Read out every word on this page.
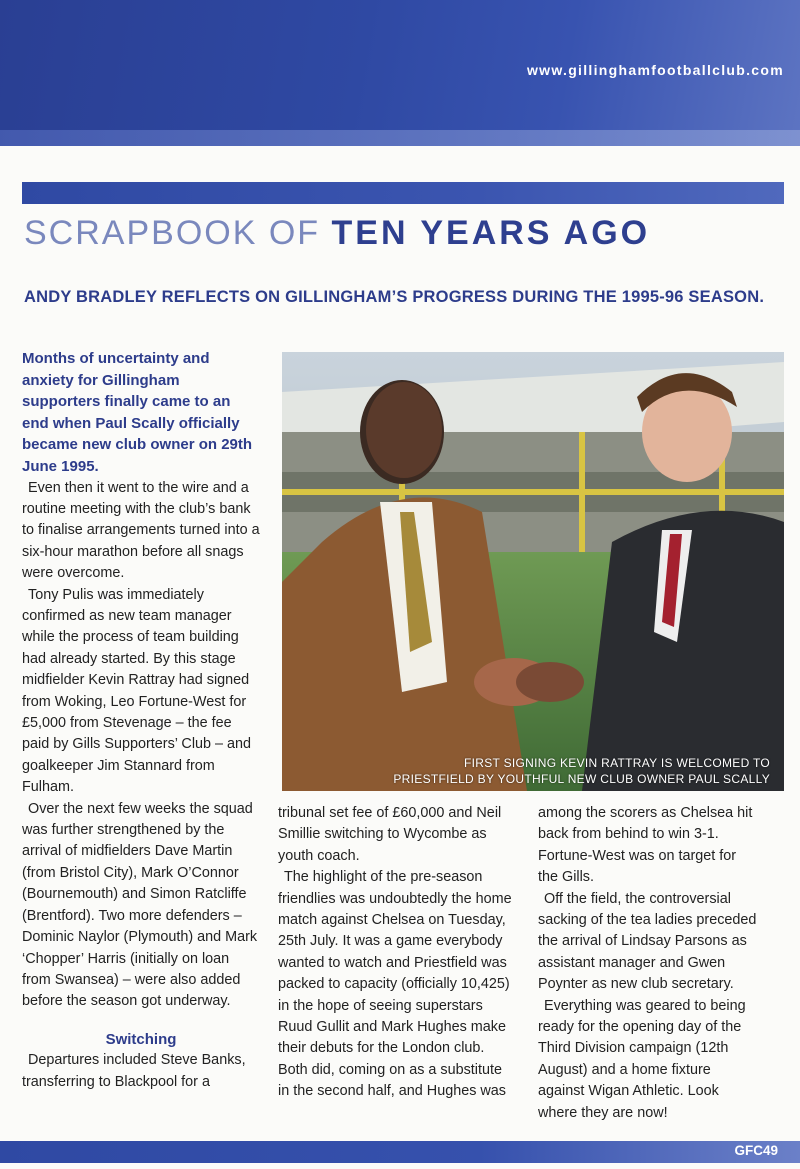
www.gillinghamfootballclub.com
SCRAPBOOK OF TEN YEARS AGO
ANDY BRADLEY REFLECTS ON GILLINGHAM’S PROGRESS DURING THE 1995-96 SEASON.

Months of uncertainty and anxiety for Gillingham supporters finally came to an end when Paul Scally officially became new club owner on 29th June 1995.

Even then it went to the wire and a routine meeting with the club’s bank to finalise arrangements turned into a six-hour marathon before all snags were overcome.

Tony Pulis was immediately confirmed as new team manager while the process of team building had already started. By this stage midfielder Kevin Rattray had signed from Woking, Leo Fortune-West for £5,000 from Stevenage – the fee paid by Gills Supporters’ Club – and goalkeeper Jim Stannard from Fulham.

Over the next few weeks the squad was further strengthened by the arrival of midfielders Dave Martin (from Bristol City), Mark O’Connor (Bournemouth) and Simon Ratcliffe (Brentford). Two more defenders – Dominic Naylor (Plymouth) and Mark ‘Chopper’ Harris (initially on loan from Swansea) – were also added before the season got underway.

Switching

Departures included Steve Banks, transferring to Blackpool for a

FIRST SIGNING KEVIN RATTRAY IS WELCOMED TO
PRIESTFIELD BY YOUTHFUL NEW CLUB OWNER PAUL SCALLY

tribunal set fee of £60,000 and Neil Smillie switching to Wycombe as youth coach.

The highlight of the pre-season friendlies was undoubtedly the home match against Chelsea on Tuesday, 25th July. It was a game everybody wanted to watch and Priestfield was packed to capacity (officially 10,425) in the hope of seeing superstars Ruud Gullit and Mark Hughes make their debuts for the London club. Both did, coming on as a substitute in the second half, and Hughes was

among the scorers as Chelsea hit back from behind to win 3-1. Fortune-West was on target for the Gills.

Off the field, the controversial sacking of the tea ladies preceded the arrival of Lindsay Parsons as assistant manager and Gwen Poynter as new club secretary.

Everything was geared to being ready for the opening day of the Third Division campaign (12th August) and a home fixture against Wigan Athletic. Look where they are now!

GFC49
